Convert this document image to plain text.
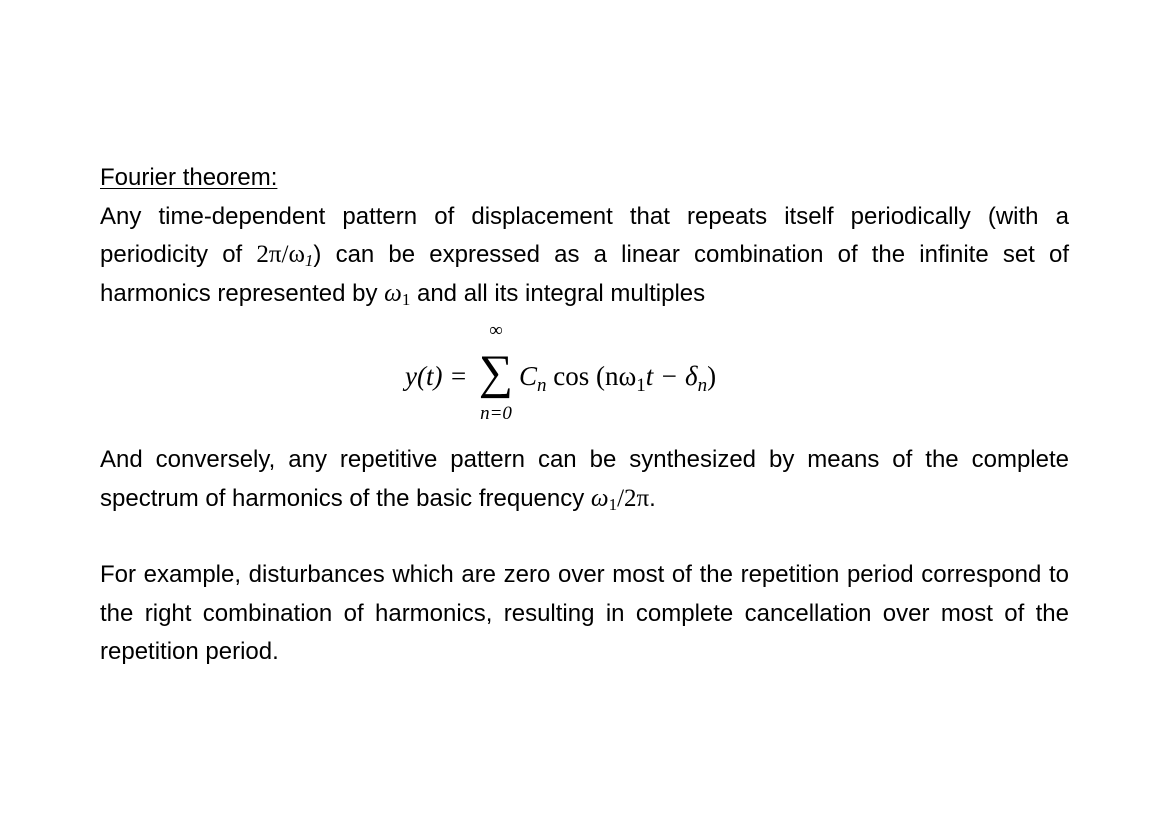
Fourier theorem:

Any time-dependent pattern of displacement that repeats itself periodically (with a periodicity of $2\pi/\omega_1$) can be expressed as a linear combination of the infinite set of harmonics represented by $\omega_1$ and all its integral multiples

y(t) =
∞
∑
n=0
$C_n$ $\cos (n\omega_1t - \delta_n)$

And conversely, any repetitive pattern can be synthesized by means of the complete spectrum of harmonics of the basic frequency $\omega_1/2\pi$.

For example, disturbances which are zero over most of the repetition period correspond to the right combination of harmonics, resulting in complete cancellation over most of the repetition period.
